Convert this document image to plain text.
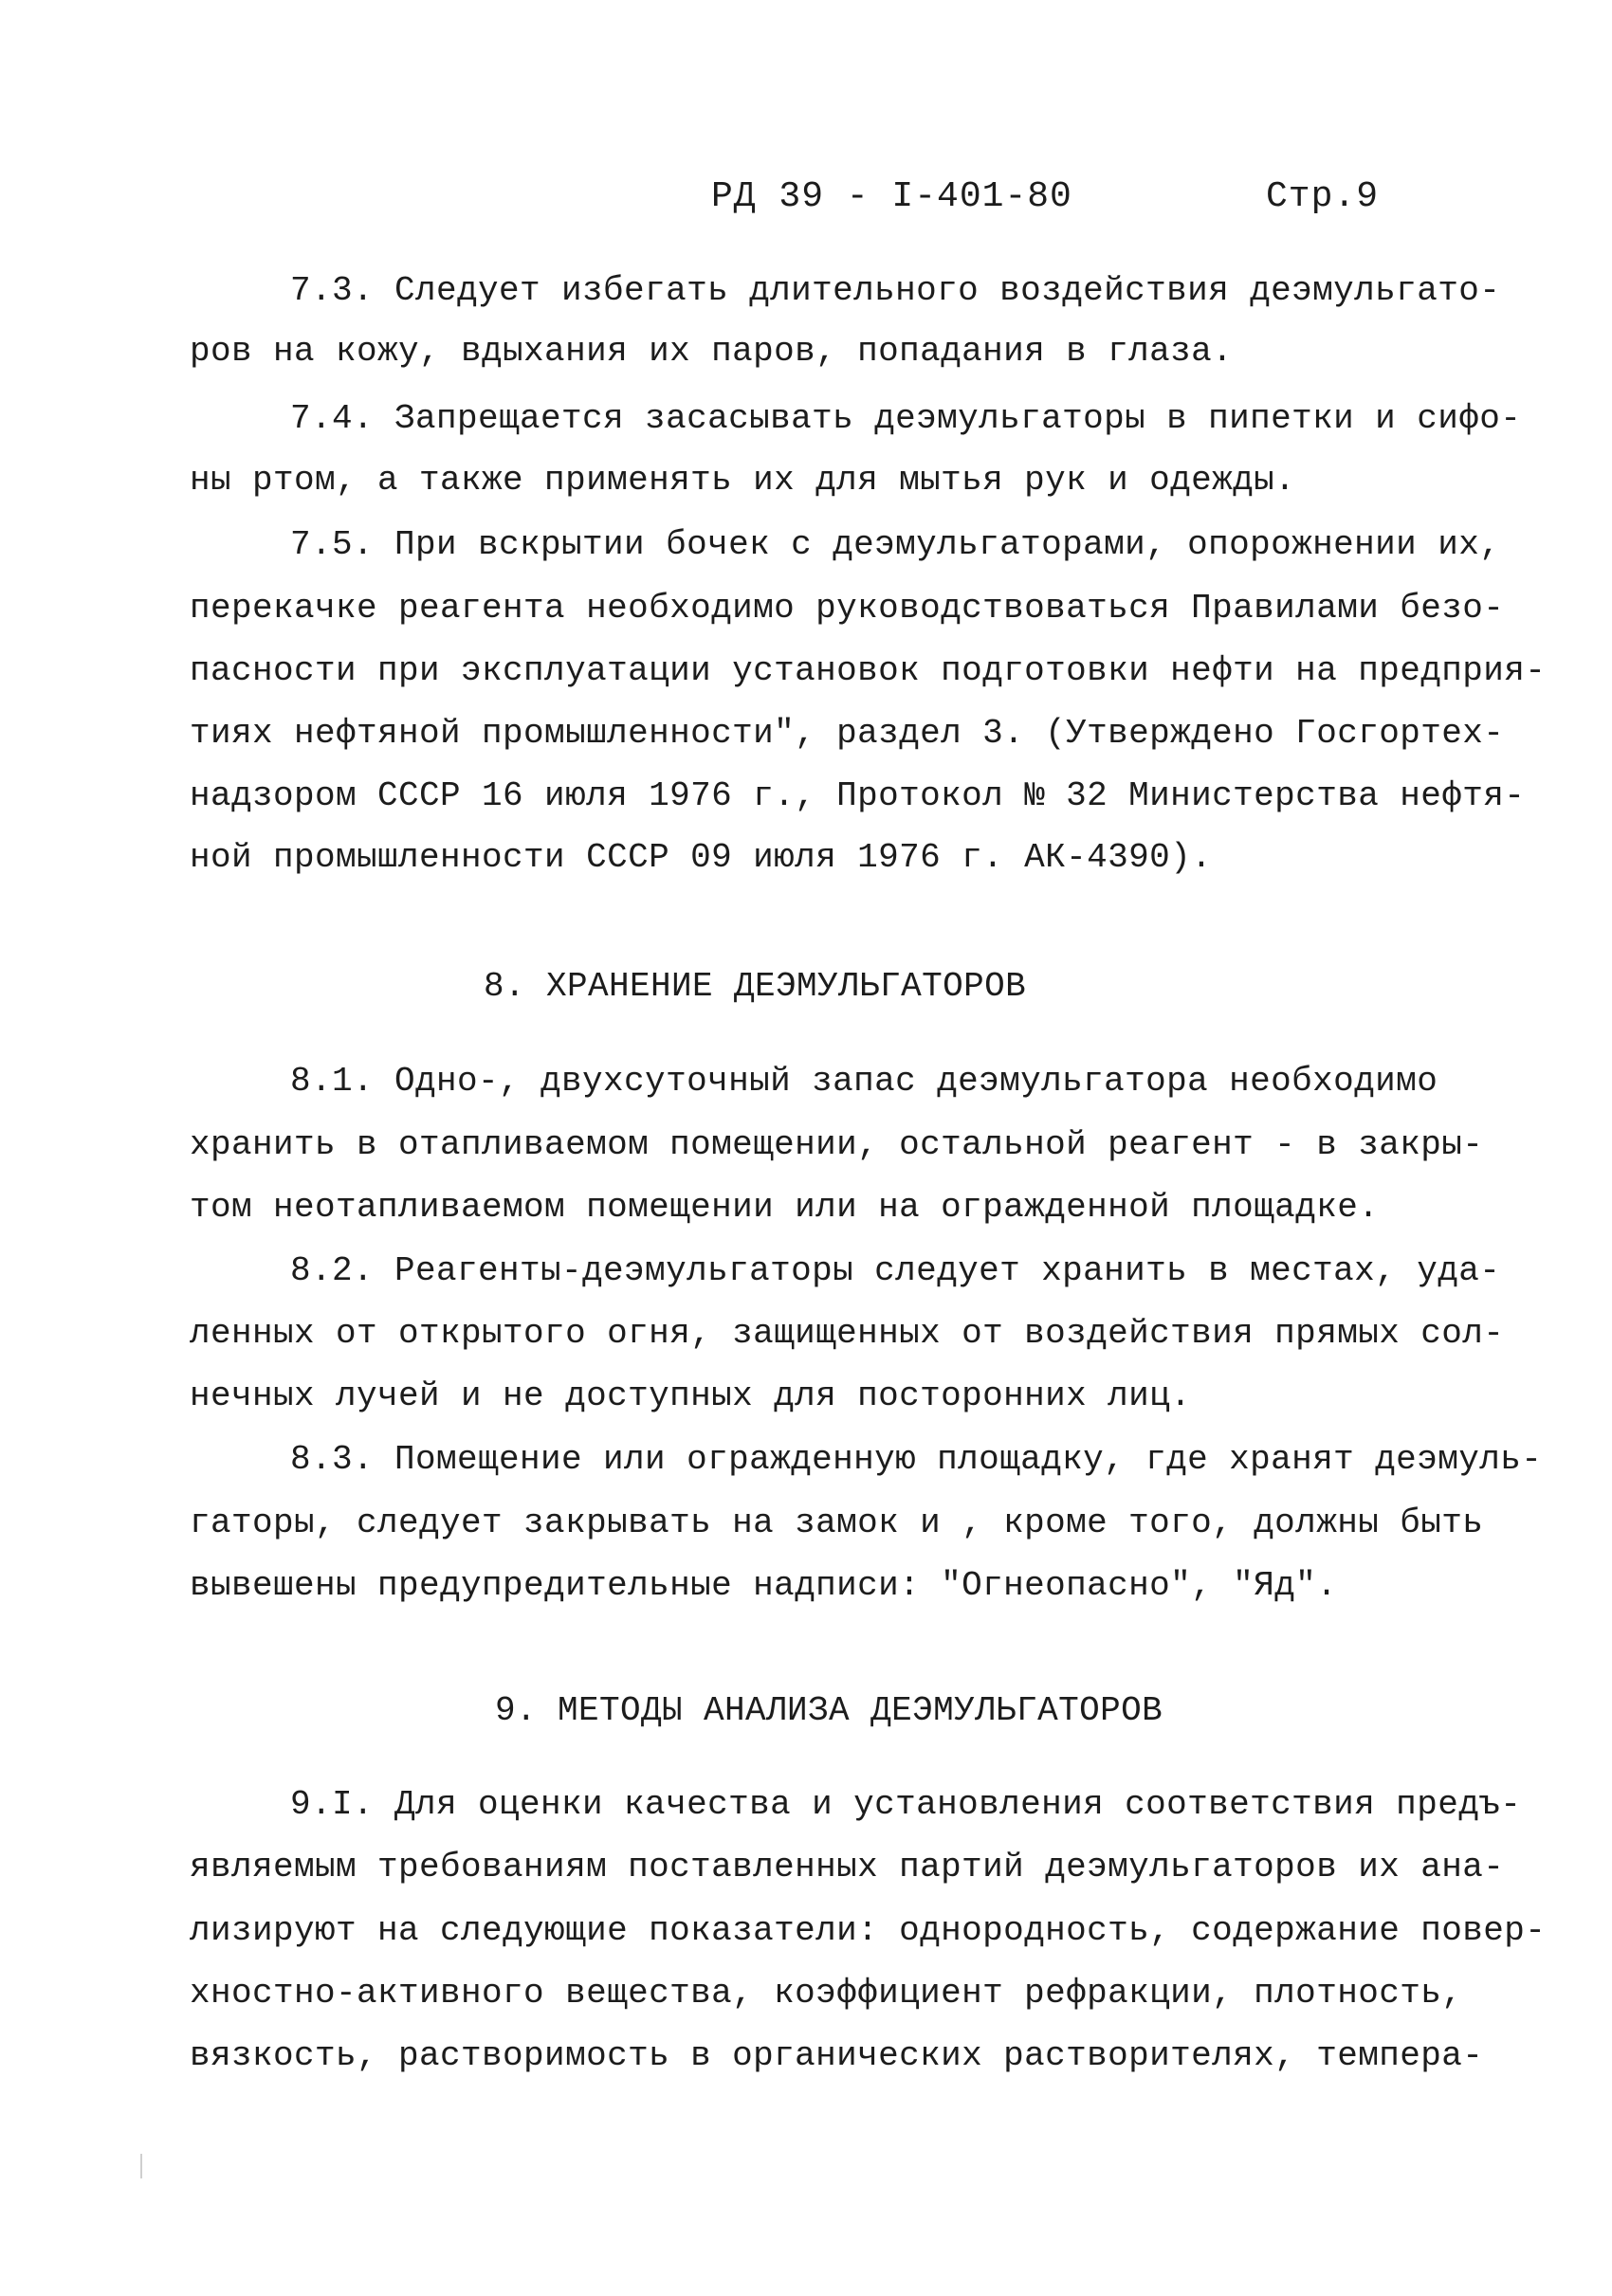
РД 39 - I-401-80	Стр.9
7.3. Следует избегать длительного воздействия деэмульгато-
ров на кожу, вдыхания их паров, попадания в глаза.
7.4. Запрещается засасывать деэмульгаторы в пипетки и сифо-
ны ртом, а также применять их для мытья рук и одежды.
7.5. При вскрытии бочек с деэмульгаторами, опорожнении их,
перекачке реагента необходимо руководствоваться Правилами безо-
пасности при эксплуатации установок подготовки нефти на предприя-
тиях нефтяной промышленности", раздел 3. (Утверждено Госгортех-
надзором СССР 16 июля 1976 г., Протокол № 32 Министерства нефтя-
ной промышленности СССР 09 июля 1976 г. АК-4390).
8. ХРАНЕНИЕ ДЕЭМУЛЬГАТОРОВ
8.1. Одно-, двухсуточный запас деэмульгатора необходимо
хранить в отапливаемом помещении, остальной реагент - в закры-
том неотапливаемом помещении или на огражденной площадке.
8.2. Реагенты-деэмульгаторы следует хранить в местах, уда-
ленных от открытого огня, защищенных от воздействия прямых сол-
нечных лучей и не доступных для посторонних лиц.
8.3. Помещение или огражденную площадку, где хранят деэмуль-
гаторы, следует закрывать на замок и , кроме того, должны быть
вывешены предупредительные надписи: "Огнеопасно", "Яд".
9. МЕТОДЫ АНАЛИЗА ДЕЭМУЛЬГАТОРОВ
9.I. Для оценки качества и установления соответствия предъ-
являемым требованиям поставленных партий деэмульгаторов их ана-
лизируют на следующие показатели: однородность, содержание повер-
хностно-активного вещества, коэффициент рефракции, плотность,
вязкость, растворимость в органических растворителях, темпера-
